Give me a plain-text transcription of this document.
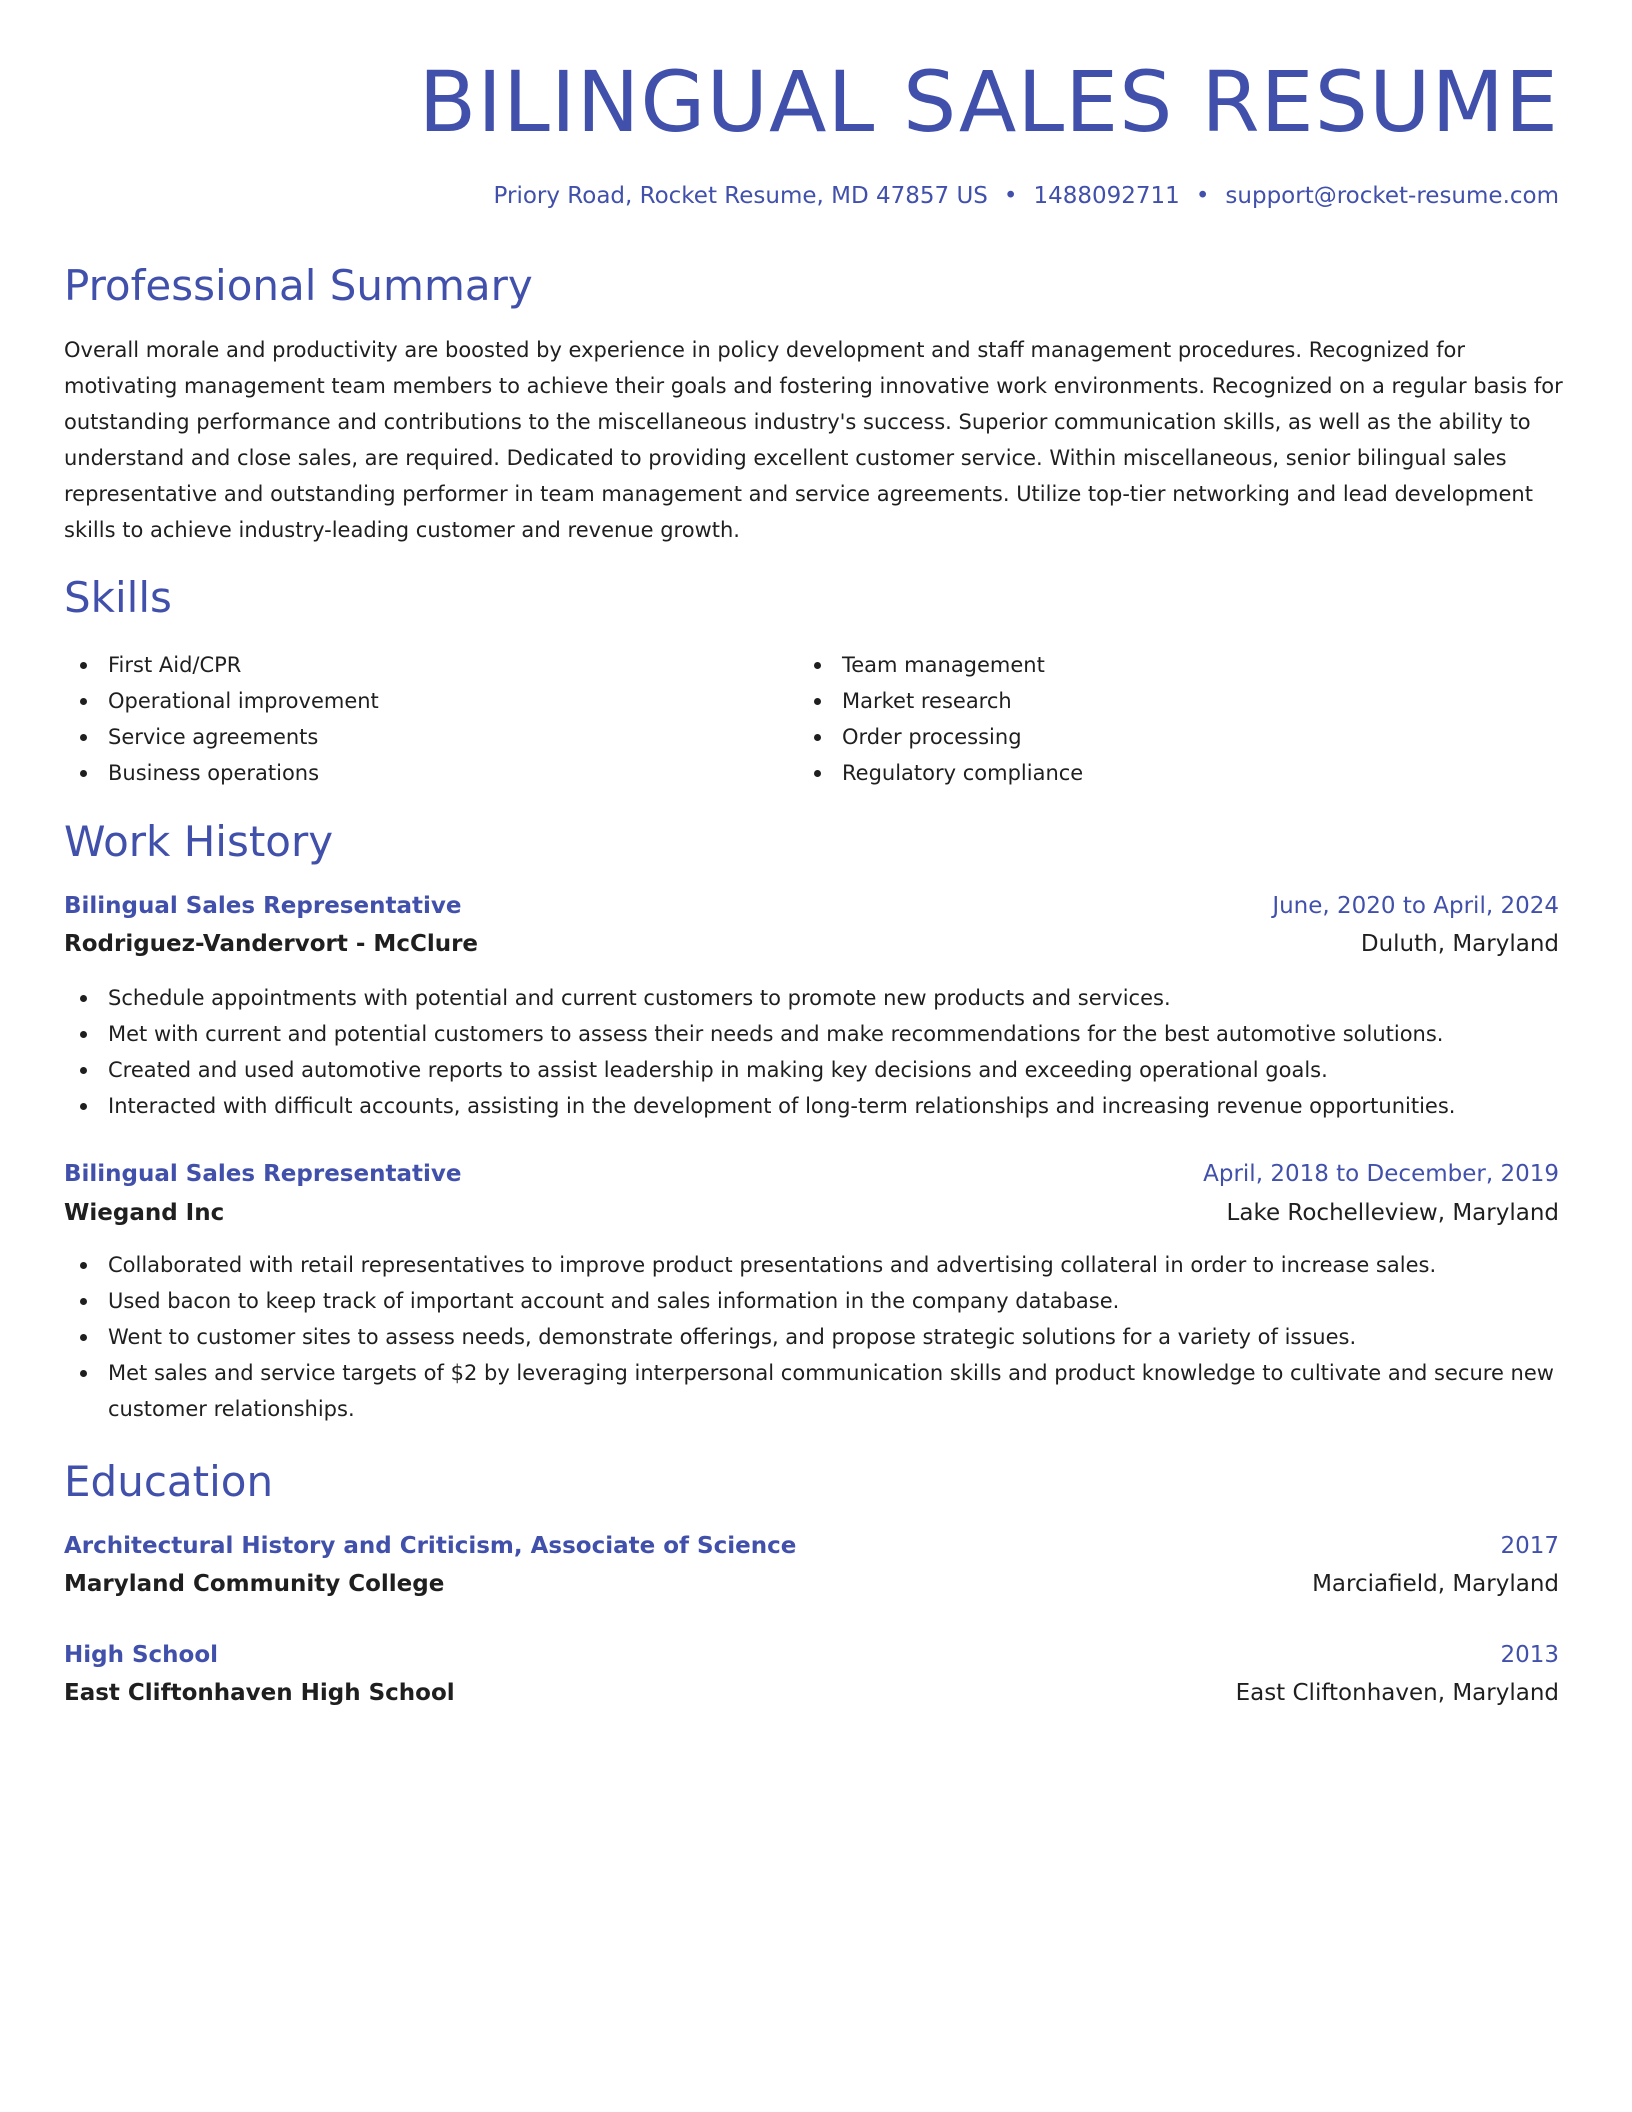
BILINGUAL SALES RESUME
Priory Road, Rocket Resume, MD 47857 US • 1488092711 • support@rocket-resume.com
Professional Summary
Overall morale and productivity are boosted by experience in policy development and staff management procedures. Recognized for motivating management team members to achieve their goals and fostering innovative work environments. Recognized on a regular basis for outstanding performance and contributions to the miscellaneous industry's success. Superior communication skills, as well as the ability to understand and close sales, are required. Dedicated to providing excellent customer service. Within miscellaneous, senior bilingual sales representative and outstanding performer in team management and service agreements. Utilize top-tier networking and lead development skills to achieve industry-leading customer and revenue growth.
Skills
First Aid/CPR
Operational improvement
Service agreements
Business operations
Team management
Market research
Order processing
Regulatory compliance
Work History
Bilingual Sales Representative	June, 2020 to April, 2024
Rodriguez-Vandervort - McClure	Duluth, Maryland
Schedule appointments with potential and current customers to promote new products and services.
Met with current and potential customers to assess their needs and make recommendations for the best automotive solutions.
Created and used automotive reports to assist leadership in making key decisions and exceeding operational goals.
Interacted with difficult accounts, assisting in the development of long-term relationships and increasing revenue opportunities.
Bilingual Sales Representative	April, 2018 to December, 2019
Wiegand Inc	Lake Rochelleview, Maryland
Collaborated with retail representatives to improve product presentations and advertising collateral in order to increase sales.
Used bacon to keep track of important account and sales information in the company database.
Went to customer sites to assess needs, demonstrate offerings, and propose strategic solutions for a variety of issues.
Met sales and service targets of $2 by leveraging interpersonal communication skills and product knowledge to cultivate and secure new customer relationships.
Education
Architectural History and Criticism, Associate of Science	2017
Maryland Community College	Marciafield, Maryland
High School	2013
East Cliftonhaven High School	East Cliftonhaven, Maryland
